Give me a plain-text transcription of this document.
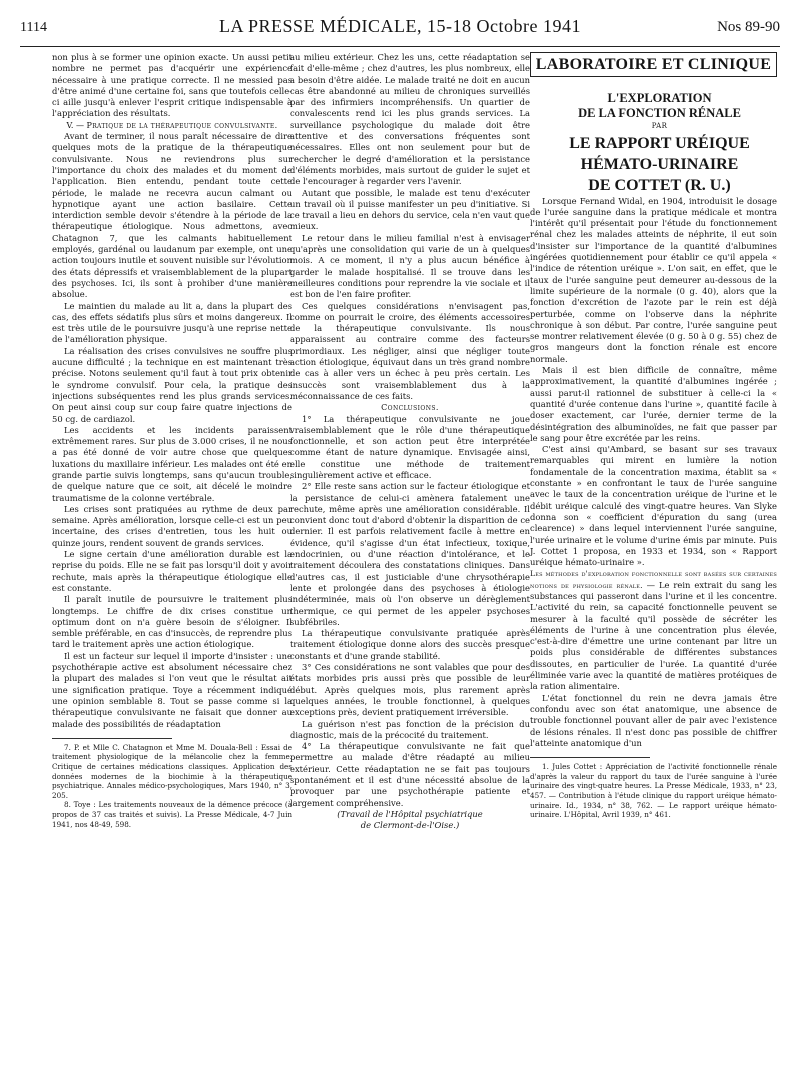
1114	LA PRESSE MÉDICALE, 15-18 Octobre 1941	Nos 89-90

non plus à se former une opinion exacte. Un aussi petit nombre ne permet pas d'acquérir une expérience nécessaire à une pratique correcte. Il ne messied pas d'être animé d'une certaine foi, sans que toutefois celle-ci aille jusqu'à enlever l'esprit critique indispensable à l'appréciation des résultats.

V. — Pratique de la thérapeutique convulsivante.

Avant de terminer, il nous paraît nécessaire de dire quelques mots de la pratique de la thérapeutique convulsivante. Nous ne reviendrons plus sur l'importance du choix des malades et du moment de l'application. Bien entendu, pendant toute cette période, le malade ne recevra aucun calmant ou hypnotique ayant une action basilaire. Cette interdiction semble devoir s'étendre à la période de la thérapeutique étiologique. Nous admettons, avec Chatagnon 7, que les calmants habituellement employés, gardénal ou laudanum par exemple, ont une action toujours inutile et souvent nuisible sur l'évolution des états dépressifs et vraisemblablement de la plupart des psychoses. Ici, ils sont à prohiber d'une manière absolue.

Le maintien du malade au lit a, dans la plupart des cas, des effets sédatifs plus sûrs et moins dangereux. Il est très utile de le poursuivre jusqu'à une reprise nette de l'amélioration physique.

La réalisation des crises convulsives ne souffre plus aucune difficulté ; la technique en est maintenant très précise. Notons seulement qu'il faut à tout prix obtenir le syndrome convulsif. Pour cela, la pratique des injections subséquentes rend les plus grands services. On peut ainsi coup sur coup faire quatre injections de 50 cg. de cardiazol.

Les accidents et les incidents paraissent extrêmement rares. Sur plus de 3.000 crises, il ne nous a pas été donné de voir autre chose que quelques luxations du maxillaire inférieur. Les malades ont été en grande partie suivis longtemps, sans qu'aucun trouble, de quelque nature que ce soit, ait décelé le moindre traumatisme de la colonne vertébrale.

Les crises sont pratiquées au rythme de deux par semaine. Après amélioration, lorsque celle-ci est un peu incertaine, des crises d'entretien, tous les huit ou quinze jours, rendent souvent de grands services.

Le signe certain d'une amélioration durable est la reprise du poids. Elle ne se fait pas lorsqu'il doit y avoir rechute, mais après la thérapeutique étiologique elle est constante.

Il paraît inutile de poursuivre le traitement plus longtemps. Le chiffre de dix crises constitue un optimum dont on n'a guère besoin de s'éloigner. Il semble préférable, en cas d'insuccès, de reprendre plus tard le traitement après une action étiologique.

Il est un facteur sur lequel il importe d'insister : une psychothérapie active est absolument nécessaire chez la plupart des malades si l'on veut que le résultat ait une signification pratique. Toye a récemment indiqué une opinion semblable 8. Tout se passe comme si la thérapeutique convulsivante ne faisait que donner au malade des possibilités de réadaptation

7. P. et Mlle C. Chatagnon et Mme M. Douala-Bell : Essai de traitement physiologique de la mélancolie chez la femme. Critique de certaines médications classiques. Application des données modernes de la biochimie à la thérapeutique psychiatrique. Annales médico-psychologiques, Mars 1940, n° 3, 205.

8. Toye : Les traitements nouveaux de la démence précoce (à propos de 37 cas traités et suivis). La Presse Médicale, 4-7 Juin 1941, nos 48-49, 598.

au milieu extérieur. Chez les uns, cette réadaptation se fait d'elle-même ; chez d'autres, les plus nombreux, elle a besoin d'être aidée. Le malade traité ne doit en aucun cas être abandonné au milieu de chroniques surveillés par des infirmiers incompréhensifs. Un quartier de convalescents rend ici les plus grands services. La surveillance psychologique du malade doit être attentive et des conversations fréquentes sont nécessaires. Elles ont non seulement pour but de rechercher le degré d'amélioration et la persistance d'éléments morbides, mais surtout de guider le sujet et de l'encourager à regarder vers l'avenir.

Autant que possible, le malade est tenu d'exécuter un travail où il puisse manifester un peu d'initiative. Si ce travail a lieu en dehors du service, cela n'en vaut que mieux.

Le retour dans le milieu familial n'est à envisager qu'après une consolidation qui varie de un à quelques mois. A ce moment, il n'y a plus aucun bénéfice à garder le malade hospitalisé. Il se trouve dans les meilleures conditions pour reprendre la vie sociale et il est bon de l'en faire profiter.

Ces quelques considérations n'envisagent pas, comme on pourrait le croire, des éléments accessoires de la thérapeutique convulsivante. Ils nous apparaissent au contraire comme des facteurs primordiaux. Les négliger, ainsi que négliger toute action étiologique, équivaut dans un très grand nombre de cas à aller vers un échec à peu près certain. Les insuccès sont vraisemblablement dus à la méconnaissance de ces faits.

Conclusions.

1° La thérapeutique convulsivante ne joue vraisemblablement que le rôle d'une thérapeutique fonctionnelle, et son action peut être interprétée comme étant de nature dynamique. Envisagée ainsi, elle constitue une méthode de traitement singulièrement active et efficace.

2° Elle reste sans action sur le facteur étiologique et la persistance de celui-ci amènera fatalement une rechute, même après une amélioration considérable. Il convient donc tout d'abord d'obtenir la disparition de ce dernier. Il est parfois relativement facile à mettre en évidence, qu'il s'agisse d'un état infectieux, toxique, endocrinien, ou d'une réaction d'intolérance, et le traitement découlera des constatations cliniques. Dans d'autres cas, il est justiciable d'une chrysothérapie lente et prolongée dans des psychoses à étiologie indéterminée, mais où l'on observe un dérèglement thermique, ce qui permet de les appeler psychoses subfébriles.

La thérapeutique convulsivante pratiquée après traitement étiologique donne alors des succès presque constants et d'une grande stabilité.

3° Ces considérations ne sont valables que pour des états morbides pris aussi près que possible de leur début. Après quelques mois, plus rarement après quelques années, le trouble fonctionnel, à quelques exceptions près, devient pratiquement irréversible.

La guérison n'est pas fonction de la précision du diagnostic, mais de la précocité du traitement.

4° La thérapeutique convulsivante ne fait que permettre au malade d'être réadapté au milieu extérieur. Cette réadaptation ne se fait pas toujours spontanément et il est d'une nécessité absolue de la provoquer par une psychothérapie patiente et largement compréhensive.

(Travail de l'Hôpital psychiatrique

de Clermont-de-l'Oise.)

LABORATOIRE ET CLINIQUE

L'EXPLORATION

DE LA FONCTION RÉNALE

PAR

LE RAPPORT URÉIQUE

HÉMATO-URINAIRE

DE COTTET (R. U.)

Lorsque Fernand Widal, en 1904, introduisit le dosage de l'urée sanguine dans la pratique médicale et montra l'intérêt qu'il présentait pour l'étude du fonctionnement rénal chez les malades atteints de néphrite, il eut soin d'insister sur l'importance de la quantité d'albumines ingérées quotidiennement pour établir ce qu'il appela « l'indice de rétention uréique ». L'on sait, en effet, que le taux de l'urée sanguine peut demeurer au-dessous de la limite supérieure de la normale (0 g. 40), alors que la fonction d'excrétion de l'azote par le rein est déjà perturbée, comme on l'observe dans la néphrite chronique à son début. Par contre, l'urée sanguine peut se montrer relativement élevée (0 g. 50 à 0 g. 55) chez de gros mangeurs dont la fonction rénale est encore normale.

Mais il est bien difficile de connaître, même approximativement, la quantité d'albumines ingérée ; aussi parut-il rationnel de substituer à celle-ci la « quantité d'urée contenue dans l'urine », quantité facile à doser exactement, car l'urée, dernier terme de la désintégration des albuminoïdes, ne fait que passer par le sang pour être excrétée par les reins.

C'est ainsi qu'Ambard, se basant sur ses travaux remarquables qui mirent en lumière la notion fondamentale de la concentration maxima, établit sa « constante » en confrontant le taux de l'urée sanguine avec le taux de la concentration uréique de l'urine et le débit uréique calculé des vingt-quatre heures. Van Slyke donna son « coefficient d'épuration du sang (urea clearence) » dans lequel interviennent l'urée sanguine, l'urée urinaire et le volume d'urine émis par minute. Puis J. Cottet 1 proposa, en 1933 et 1934, son « Rapport uréique hémato-urinaire ».

Les méthodes d'exploration fonctionnelle sont basées sur certaines notions de physiologie rénale. — Le rein extrait du sang les substances qui passeront dans l'urine et il les concentre. L'activité du rein, sa capacité fonctionnelle peuvent se mesurer à la faculté qu'il possède de sécréter les éléments de l'urine à une concentration plus élevée, c'est-à-dire d'émettre une urine contenant par litre un poids plus considérable de différentes substances dissoutes, en particulier de l'urée. La quantité d'urée éliminée varie avec la quantité de matières protéiques de la ration alimentaire.

L'état fonctionnel du rein ne devra jamais être confondu avec son état anatomique, une absence de trouble fonctionnel pouvant aller de pair avec l'existence de lésions rénales. Il n'est donc pas possible de chiffrer l'atteinte anatomique d'un

1. Jules Cottet : Appréciation de l'activité fonctionnelle rénale d'après la valeur du rapport du taux de l'urée sanguine à l'urée urinaire des vingt-quatre heures. La Presse Médicale, 1933, n° 23, 457. — Contribution à l'étude clinique du rapport uréique hémato-urinaire. Id., 1934, n° 38, 762. — Le rapport uréique hémato-urinaire. L'Hôpital, Avril 1939, n° 461.
